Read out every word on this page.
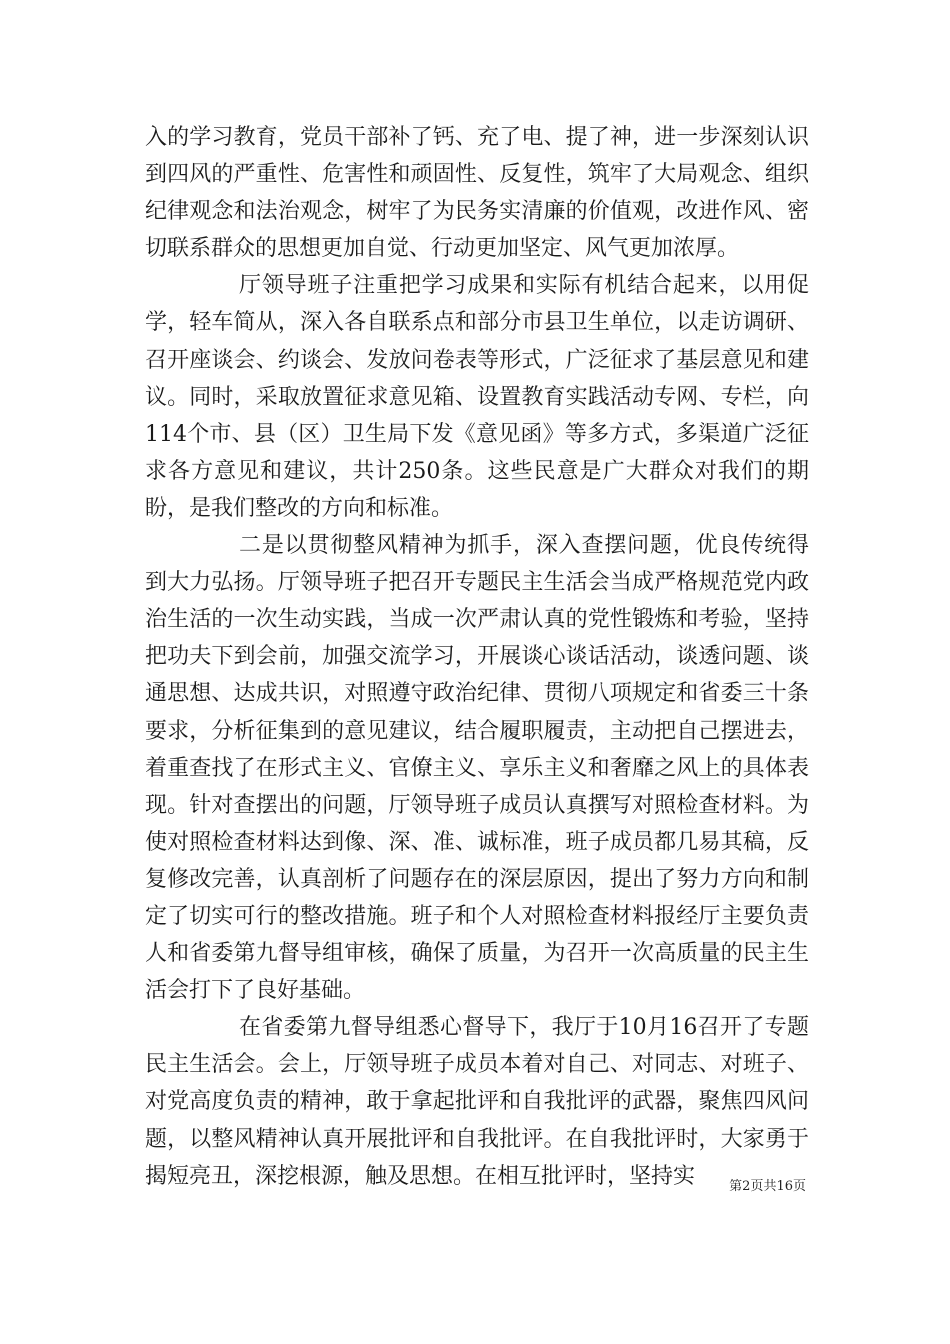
入的学习教育，党员干部补了钙、充了电、提了神，进一步深刻认识到四风的严重性、危害性和顽固性、反复性，筑牢了大局观念、组织纪律观念和法治观念，树牢了为民务实清廉的价值观，改进作风、密切联系群众的思想更加自觉、行动更加坚定、风气更加浓厚。

厅领导班子注重把学习成果和实际有机结合起来，以用促学，轻车简从，深入各自联系点和部分市县卫生单位，以走访调研、召开座谈会、约谈会、发放问卷表等形式，广泛征求了基层意见和建议。同时，采取放置征求意见箱、设置教育实践活动专网、专栏，向114个市、县（区）卫生局下发《意见函》等多方式，多渠道广泛征求各方意见和建议，共计250条。这些民意是广大群众对我们的期盼，是我们整改的方向和标准。

二是以贯彻整风精神为抓手，深入查摆问题，优良传统得到大力弘扬。厅领导班子把召开专题民主生活会当成严格规范党内政治生活的一次生动实践，当成一次严肃认真的党性锻炼和考验，坚持把功夫下到会前，加强交流学习，开展谈心谈话活动，谈透问题、谈通思想、达成共识，对照遵守政治纪律、贯彻八项规定和省委三十条要求，分析征集到的意见建议，结合履职履责，主动把自己摆进去，着重查找了在形式主义、官僚主义、享乐主义和奢靡之风上的具体表现。针对查摆出的问题，厅领导班子成员认真撰写对照检查材料。为使对照检查材料达到像、深、准、诚标准，班子成员都几易其稿，反复修改完善，认真剖析了问题存在的深层原因，提出了努力方向和制定了切实可行的整改措施。班子和个人对照检查材料报经厅主要负责人和省委第九督导组审核，确保了质量，为召开一次高质量的民主生活会打下了良好基础。

在省委第九督导组悉心督导下，我厅于10月16召开了专题民主生活会。会上，厅领导班子成员本着对自己、对同志、对班子、对党高度负责的精神，敢于拿起批评和自我批评的武器，聚焦四风问题，以整风精神认真开展批评和自我批评。在自我批评时，大家勇于揭短亮丑，深挖根源，触及思想。在相互批评时，坚持实	第2页共16页
